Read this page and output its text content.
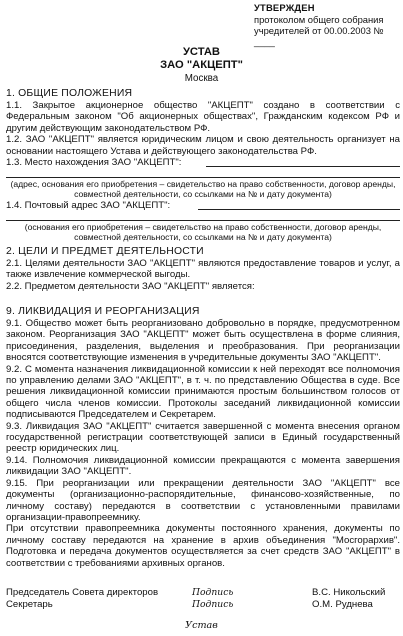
УТВЕРЖДЕН
протоколом общего собрания
учредителей от 00.00.2003 № ____
УСТАВ
ЗАО "АКЦЕПТ"
Москва
1. ОБЩИЕ ПОЛОЖЕНИЯ

1.1. Закрытое акционерное общество "АКЦЕПТ" создано в соответствии с Федеральным законом "Об акционерных обществах", Гражданским кодексом РФ и другим действующим законодательством РФ.

1.2. ЗАО "АКЦЕПТ" является юридическим лицом и свою деятельность организует на основании настоящего Устава и действующего законодательства РФ.

1.3. Место нахождения ЗАО "АКЦЕПТ":

(адрес, основания его приобретения – свидетельство на право собственности, договор аренды, совместной деятельности, со ссылками на № и дату документа)

1.4. Почтовый адрес ЗАО "АКЦЕПТ":

(основания его приобретения – свидетельство на право собственности, договор аренды, совместной деятельности, со ссылками на № и дату документа)

2. ЦЕЛИ И ПРЕДМЕТ ДЕЯТЕЛЬНОСТИ

2.1. Целями деятельности ЗАО "АКЦЕПТ" являются предоставление товаров и услуг, а также извлечение коммерческой выгоды.

2.2. Предметом деятельности ЗАО "АКЦЕПТ" является:

9. ЛИКВИДАЦИЯ И РЕОРГАНИЗАЦИЯ

9.1. Общество может быть реорганизовано добровольно в порядке, предусмотренном законом. Реорганизация ЗАО "АКЦЕПТ" может быть осуществлена в форме слияния, присоединения, разделения, выделения и преобразования. При реорганизации вносятся соответствующие изменения в учредительные документы ЗАО "АКЦЕПТ".

9.2. С момента назначения ликвидационной комиссии к ней переходят все полномочия по управлению делами ЗАО "АКЦЕПТ", в т. ч. по представлению Общества в суде. Все решения ликвидационной комиссии принимаются простым большинством голосов от общего числа членов комиссии. Протоколы заседаний ликвидационной комиссии подписываются Председателем и Секретарем.

9.3. Ликвидация ЗАО "АКЦЕПТ" считается завершенной с момента внесения органом государственной регистрации соответствующей записи в Единый государственный реестр юридических лиц.

9.14. Полномочия ликвидационной комиссии прекращаются с момента завершения ликвидации ЗАО "АКЦЕПТ".

9.15. При реорганизации или прекращении деятельности ЗАО "АКЦЕПТ" все документы (организационно-распорядительные, финансово-хозяйственные, по личному составу) передаются в соответствии с установленными правилами организации-правопреемнику.

При отсутствии правопреемника документы постоянного хранения, документы по личному составу передаются на хранение в архив объединения "Мосгорархив". Подготовка и передача документов осуществляется за счет средств ЗАО "АКЦЕПТ" в соответствии с требованиями архивных органов.

Председатель Совета директоров	Подпись	В.С. Никольский
Секретарь	Подпись	О.М. Руднева
Устав
